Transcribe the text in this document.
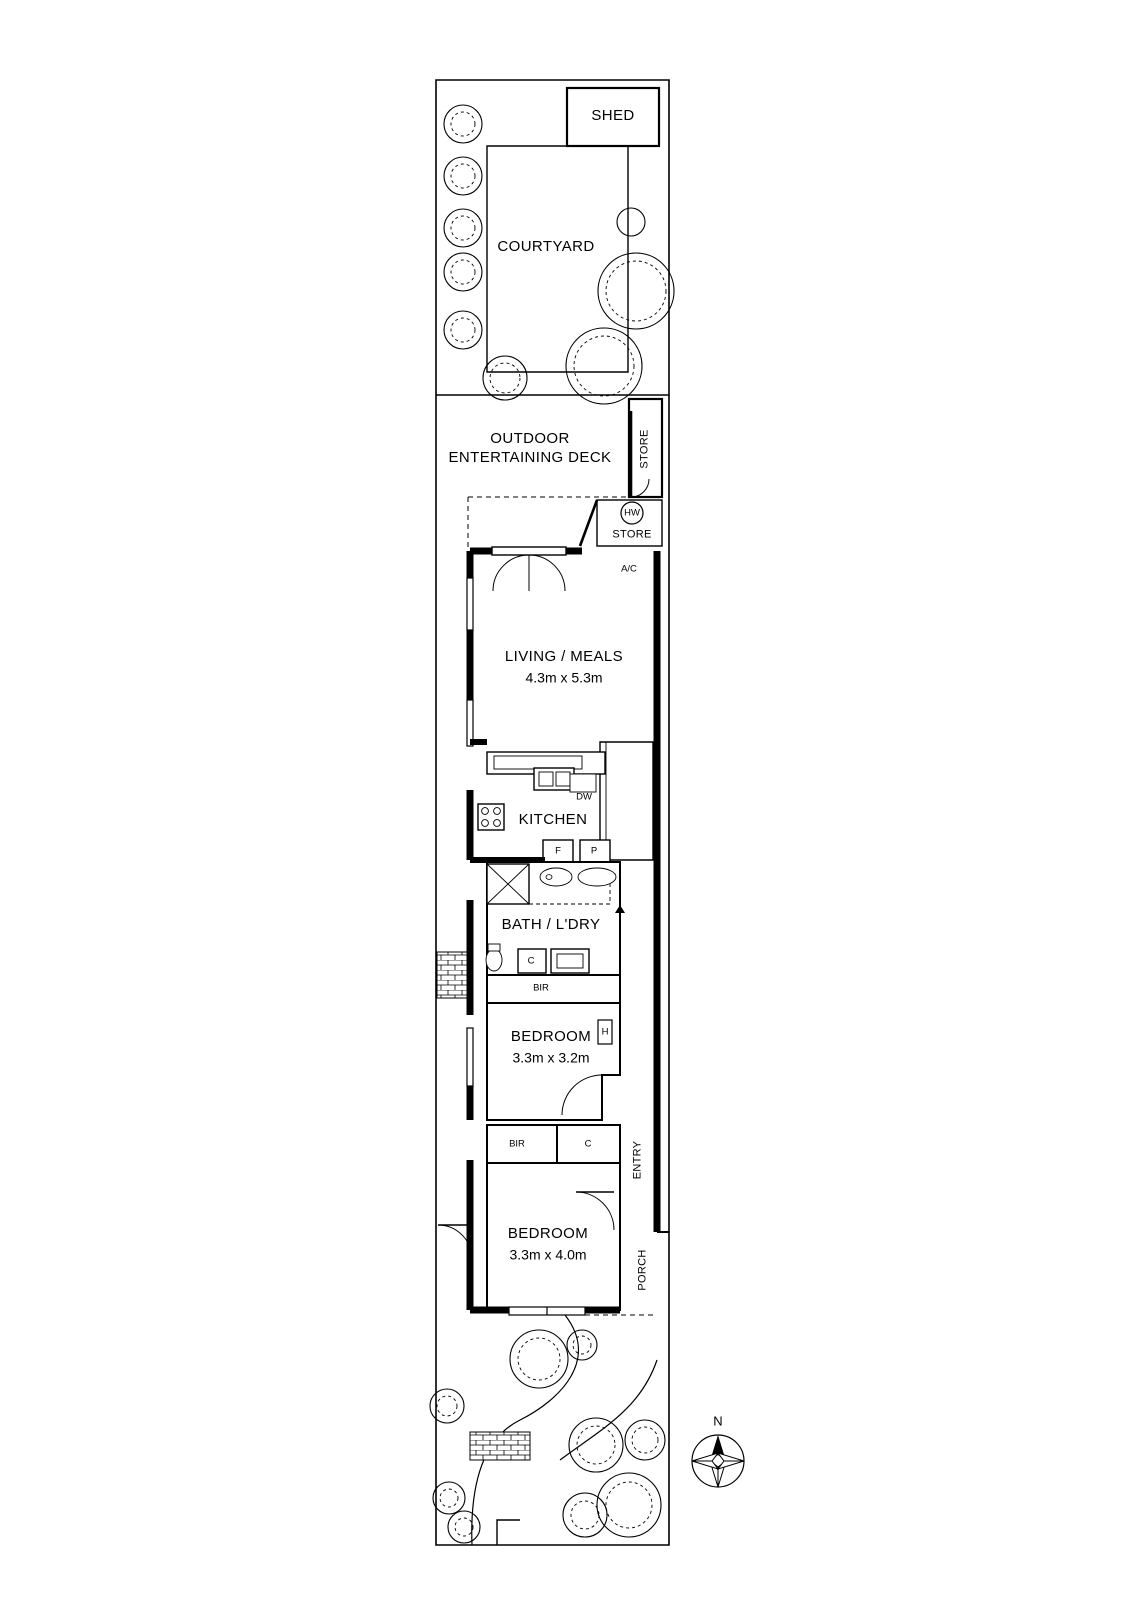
SHED
COURTYARD
OUTDOOR
ENTERTAINING DECK
LIVING / MEALS
4.3m x 5.3m
KITCHEN
BATH / L'DRY
BEDROOM
3.3m x 3.2m
BEDROOM
3.3m x 4.0m
STORE
STORE
HW
A/C
DW
F	P
C
BIR
H
BIR	C	ENTRY
PORCH
N
